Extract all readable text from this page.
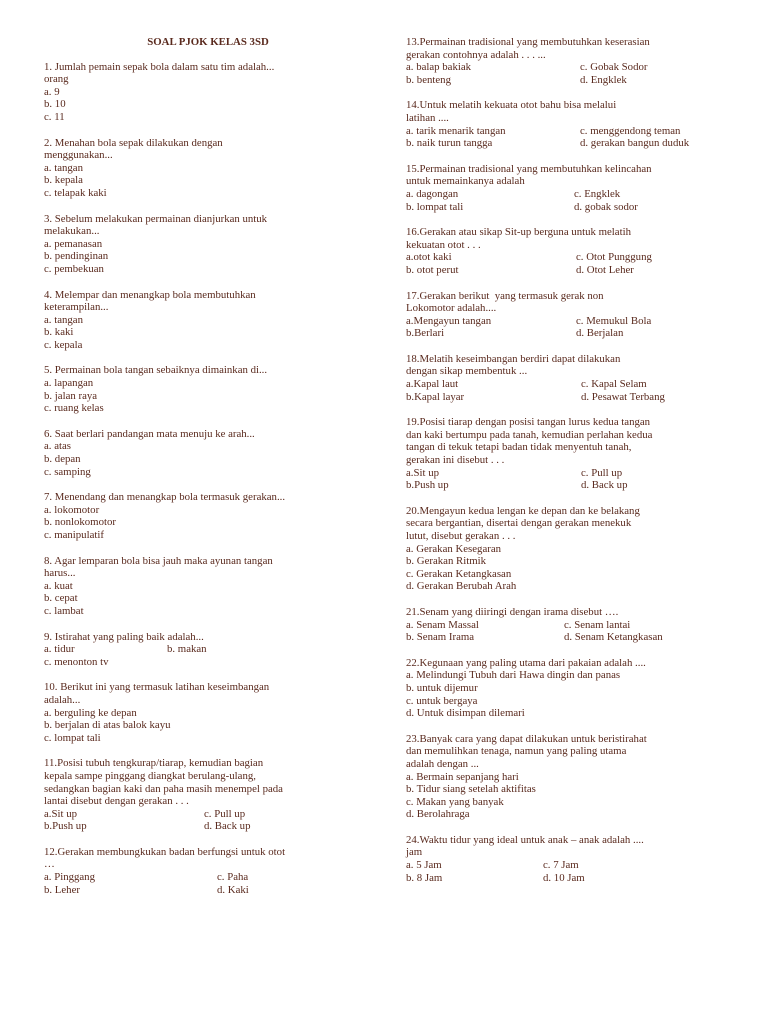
SOAL PJOK KELAS 3SD
1. Jumlah pemain sepak bola dalam satu tim adalah...
orang
a. 9
b. 10
c. 11
2. Menahan bola sepak dilakukan dengan
menggunakan...
a. tangan
b. kepala
c. telapak kaki
3. Sebelum melakukan permainan dianjurkan untuk
melakukan...
a. pemanasan
b. pendinginan
c. pembekuan
4. Melempar dan menangkap bola membutuhkan
keterampilan...
a. tangan
b. kaki
c. kepala
5. Permainan bola tangan sebaiknya dimainkan di...
a. lapangan
b. jalan raya
c. ruang kelas
6. Saat berlari pandangan mata menuju ke arah...
a. atas
b. depan
c. samping
7. Menendang dan menangkap bola termasuk gerakan...
a. lokomotor
b. nonlokomotor
c. manipulatif
8. Agar lemparan bola bisa jauh maka ayunan tangan
harus...
a. kuat
b. cepat
c. lambat
9. Istirahat yang paling baik adalah...
a. tidur	b. makan
c. menonton tv
10. Berikut ini yang termasuk latihan keseimbangan
adalah...
a. berguling ke depan
b. berjalan di atas balok kayu
c. lompat tali
11.Posisi tubuh tengkurap/tiarap, kemudian bagian
kepala sampe pinggang diangkat berulang-ulang,
sedangkan bagian kaki dan paha masih menempel pada
lantai disebut dengan gerakan . . .
a.Sit up	c. Pull up
b.Push up	d. Back up
12.Gerakan membungkukan badan berfungsi untuk otot
…
a. Pinggang	c. Paha
b. Leher	d. Kaki
13.Permainan tradisional yang membutuhkan keserasian
gerakan contohnya adalah . . . ...
a. balap bakiak	c. Gobak Sodor
b. benteng	d. Engklek
14.Untuk melatih kekuata otot bahu bisa melalui
latihan ....
a. tarik menarik tangan	c. menggendong teman
b. naik turun tangga	d. gerakan bangun duduk
15.Permainan tradisional yang membutuhkan kelincahan
untuk memainkanya adalah
a. dagongan	c. Engklek
b. lompat tali	d. gobak sodor
16.Gerakan atau sikap Sit-up berguna untuk melatih
kekuatan otot . . .
a.otot kaki	c. Otot Punggung
b. otot perut	d. Otot Leher
17.Gerakan berikut  yang termasuk gerak non
Lokomotor adalah....
a.Mengayun tangan	c. Memukul Bola
b.Berlari	d. Berjalan
18.Melatih keseimbangan berdiri dapat dilakukan
dengan sikap membentuk ...
a.Kapal laut	c. Kapal Selam
b.Kapal layar	d. Pesawat Terbang
19.Posisi tiarap dengan posisi tangan lurus kedua tangan
dan kaki bertumpu pada tanah, kemudian perlahan kedua
tangan di tekuk tetapi badan tidak menyentuh tanah,
gerakan ini disebut . . .
a.Sit up	c. Pull up
b.Push up	d. Back up
20.Mengayun kedua lengan ke depan dan ke belakang
secara bergantian, disertai dengan gerakan menekuk
lutut, disebut gerakan . . .
a. Gerakan Kesegaran
b. Gerakan Ritmik
c. Gerakan Ketangkasan
d. Gerakan Berubah Arah
21.Senam yang diiringi dengan irama disebut ….
a. Senam Massal	c. Senam lantai
b. Senam Irama	d. Senam Ketangkasan
22.Kegunaan yang paling utama dari pakaian adalah ....
a. Melindungi Tubuh dari Hawa dingin dan panas
b. untuk dijemur
c. untuk bergaya
d. Untuk disimpan dilemari
23.Banyak cara yang dapat dilakukan untuk beristirahat
dan memulihkan tenaga, namun yang paling utama
adalah dengan ...
a. Bermain sepanjang hari
b. Tidur siang setelah aktifitas
c. Makan yang banyak
d. Berolahraga
24.Waktu tidur yang ideal untuk anak – anak adalah ....
jam
a. 5 Jam	c. 7 Jam
b. 8 Jam	d. 10 Jam
